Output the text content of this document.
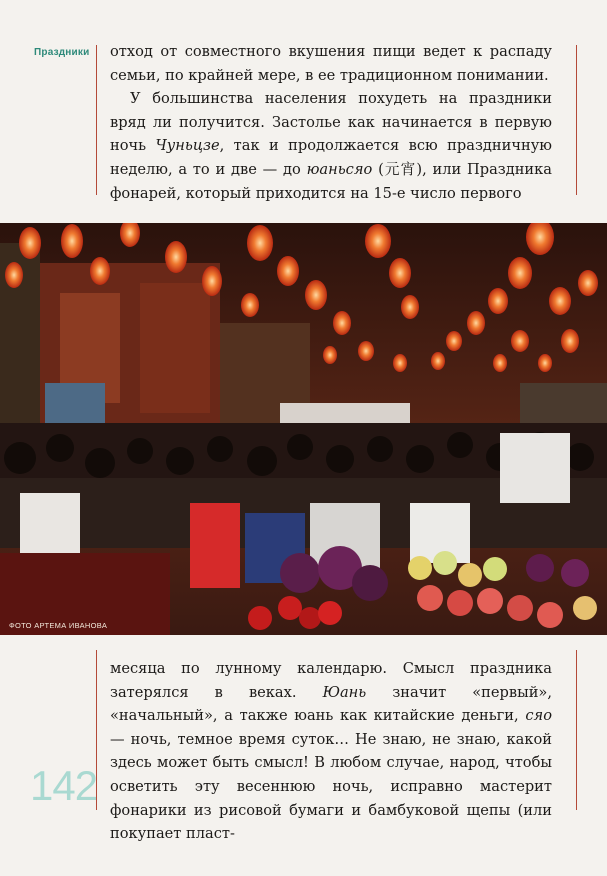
Праздники отход от совместного вкушения пищи ведет к распаду семьи, по крайней мере, в ее традиционном понимании.

У большинства населения похудеть на праздники вряд ли получится. Застолье как начинается в первую ночь Чуньцзе, так и продолжается всю праздничную неделю, а то и две — до юаньсяо (元宵), или Праздника фонарей, который приходится на 15-е число первого

ФОТО АРТЕМА ИВАНОВА

месяца по лунному календарю. Смысл праздника затерялся в веках. Юань значит «первый», «начальный», а также юань как китайские деньги, сяо — ночь, темное время суток… Не знаю, не знаю, какой здесь может быть смысл! В любом случае, народ, чтобы осветить эту весеннюю ночь, исправно мастерит фонарики из рисовой бумаги и бамбуковой щепы (или покупает пласт-

142
